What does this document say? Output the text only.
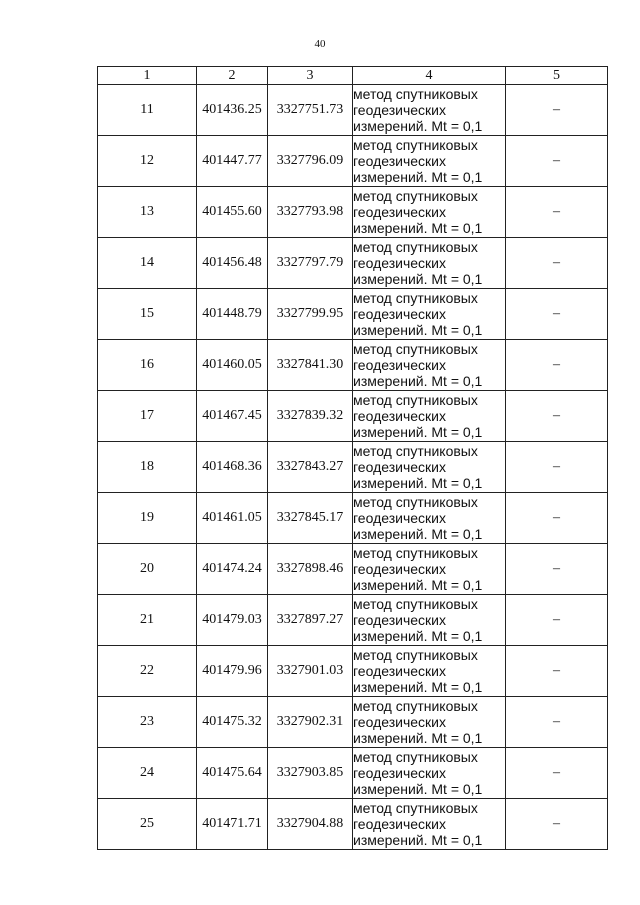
40
1	2	3	4	5
11	401436.25	3327751.73	метод спутниковых
геодезических
измерений. Mt = 0,1	–
12	401447.77	3327796.09	метод спутниковых
геодезических
измерений. Mt = 0,1	–
13	401455.60	3327793.98	метод спутниковых
геодезических
измерений. Mt = 0,1	–
14	401456.48	3327797.79	метод спутниковых
геодезических
измерений. Mt = 0,1	–
15	401448.79	3327799.95	метод спутниковых
геодезических
измерений. Mt = 0,1	–
16	401460.05	3327841.30	метод спутниковых
геодезических
измерений. Mt = 0,1	–
17	401467.45	3327839.32	метод спутниковых
геодезических
измерений. Mt = 0,1	–
18	401468.36	3327843.27	метод спутниковых
геодезических
измерений. Mt = 0,1	–
19	401461.05	3327845.17	метод спутниковых
геодезических
измерений. Mt = 0,1	–
20	401474.24	3327898.46	метод спутниковых
геодезических
измерений. Mt = 0,1	–
21	401479.03	3327897.27	метод спутниковых
геодезических
измерений. Mt = 0,1	–
22	401479.96	3327901.03	метод спутниковых
геодезических
измерений. Mt = 0,1	–
23	401475.32	3327902.31	метод спутниковых
геодезических
измерений. Mt = 0,1	–
24	401475.64	3327903.85	метод спутниковых
геодезических
измерений. Mt = 0,1	–
25	401471.71	3327904.88	метод спутниковых
геодезических
измерений. Mt = 0,1	–
